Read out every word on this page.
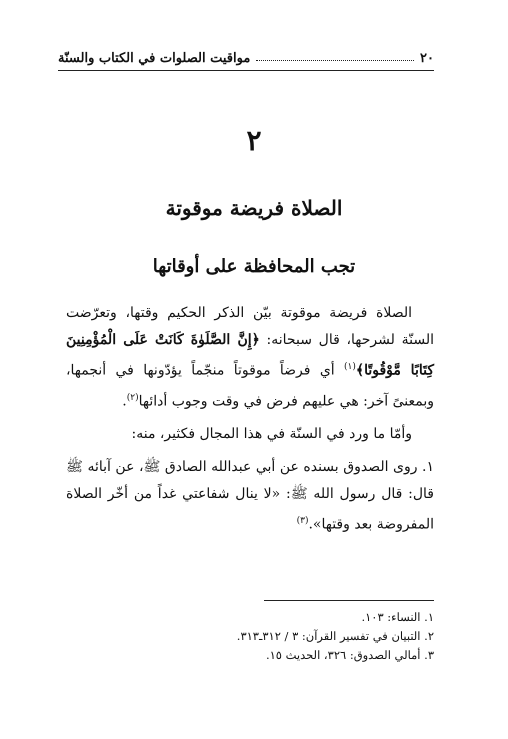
٢٠
مواقيت الصلوات في الكتاب والسنّة
٢
الصلاة فريضة موقوتة
تجب المحافظة على أوقاتها

الصلاة فريضة موقوتة بيّن الذكر الحكيم وقتها، وتعرّضت السنّة لشرحها، قال سبحانه: ﴿إِنَّ الصَّلَوٰةَ كَانَتْ عَلَى الْمُؤْمِنِينَ كِتَابًا مَّوْقُوتًا﴾$^{(١)}$ أي فرضاً موقوتاً منجّماً يؤدّونها في أنجمها، وبمعنىً آخر: هي عليهم فرض في وقت وجوب أدائها$^{(٢)}$.

وأمّا ما ورد في السنّة في هذا المجال فكثير، منه:

١. روى الصدوق بسنده عن أبي عبدالله الصادق ﷺ، عن آبائه ﷺ قال: قال رسول الله ﷺ: «لا ينال شفاعتي غداً من أخّر الصلاة المفروضة بعد وقتها».$^{(٣)}$

١. النساء: ١٠٣.
٢. التبيان في تفسير القرآن: ٣ / ٣١٢ـ٣١٣.
٣. أمالي الصدوق: ٣٢٦، الحديث ١٥.
